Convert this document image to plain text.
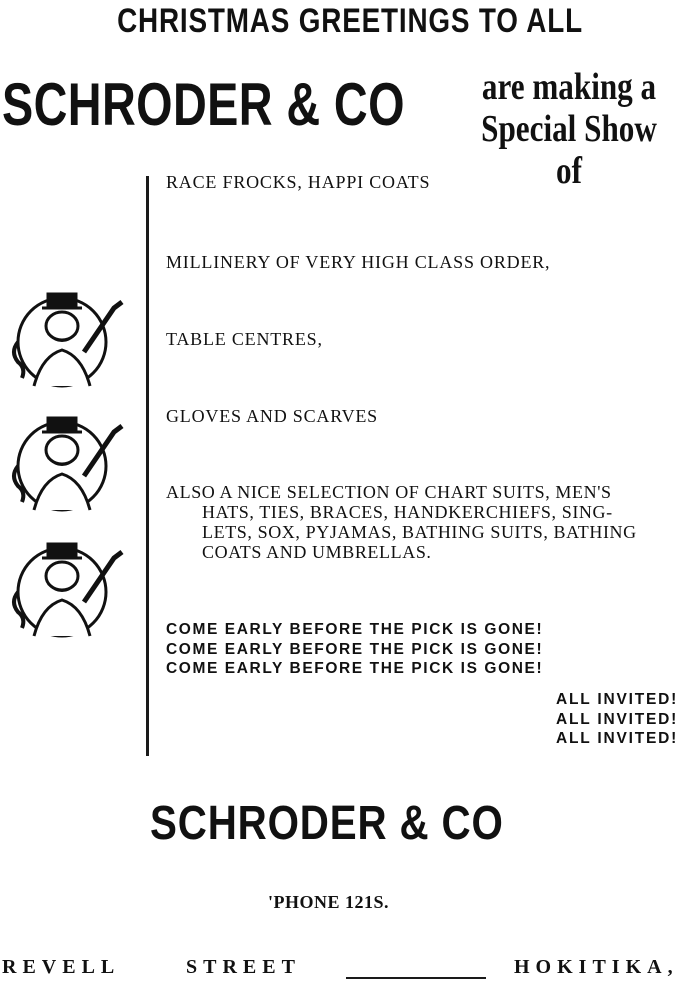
CHRISTMAS GREETINGS TO ALL
SCHRODER & CO	are making a
Special Show of
RACE FROCKS, HAPPI COATS
MILLINERY OF VERY HIGH CLASS ORDER,
TABLE CENTRES,
GLOVES AND SCARVES
ALSO A NICE SELECTION OF CHART SUITS, MEN'S
HATS, TIES, BRACES, HANDKERCHIEFS, SING-
LETS, SOX, PYJAMAS, BATHING SUITS, BATHING
COATS AND UMBRELLAS.
COME EARLY BEFORE THE PICK IS GONE!
COME EARLY BEFORE THE PICK IS GONE!
COME EARLY BEFORE THE PICK IS GONE!
ALL INVITED!
ALL INVITED!
ALL INVITED!
SCHRODER & CO
'PHONE 121S.
REVELL	STREET	HOKITIKA,
